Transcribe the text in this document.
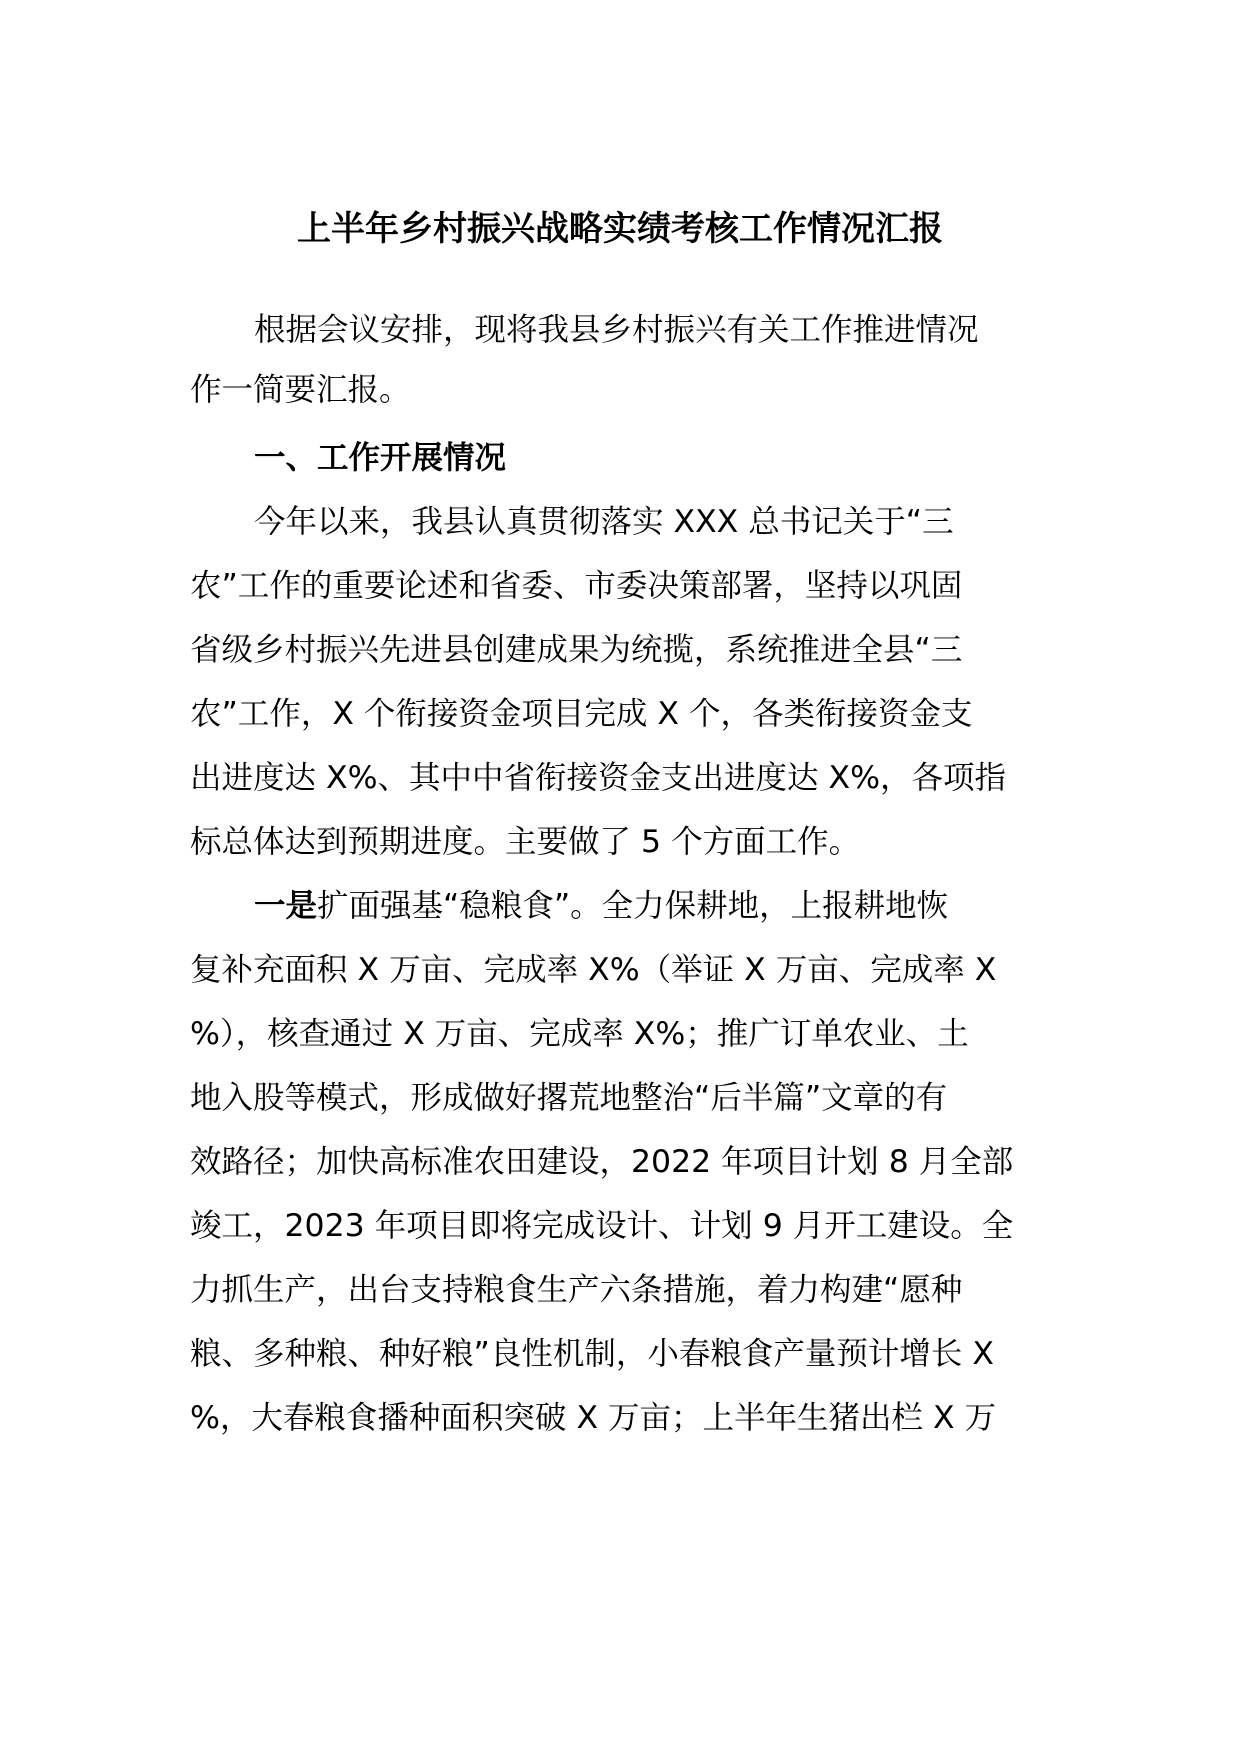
上半年乡村振兴战略实绩考核工作情况汇报
根据会议安排，现将我县乡村振兴有关工作推进情况
作一简要汇报。
一、工作开展情况
今年以来，我县认真贯彻落实 XXX 总书记关于“三
农”工作的重要论述和省委、市委决策部署，坚持以巩固
省级乡村振兴先进县创建成果为统揽，系统推进全县“三
农”工作，X 个衔接资金项目完成 X 个，各类衔接资金支
出进度达 X%、其中中省衔接资金支出进度达 X%，各项指
标总体达到预期进度。主要做了 5 个方面工作。
一是扩面强基“稳粮食”。全力保耕地，上报耕地恢
复补充面积 X 万亩、完成率 X%（举证 X 万亩、完成率 X
%），核查通过 X 万亩、完成率 X%；推广订单农业、土
地入股等模式，形成做好撂荒地整治“后半篇”文章的有
效路径；加快高标准农田建设，2022 年项目计划 8 月全部
竣工，2023 年项目即将完成设计、计划 9 月开工建设。全
力抓生产，出台支持粮食生产六条措施，着力构建“愿种
粮、多种粮、种好粮”良性机制，小春粮食产量预计增长 X
%，大春粮食播种面积突破 X 万亩；上半年生猪出栏 X 万
